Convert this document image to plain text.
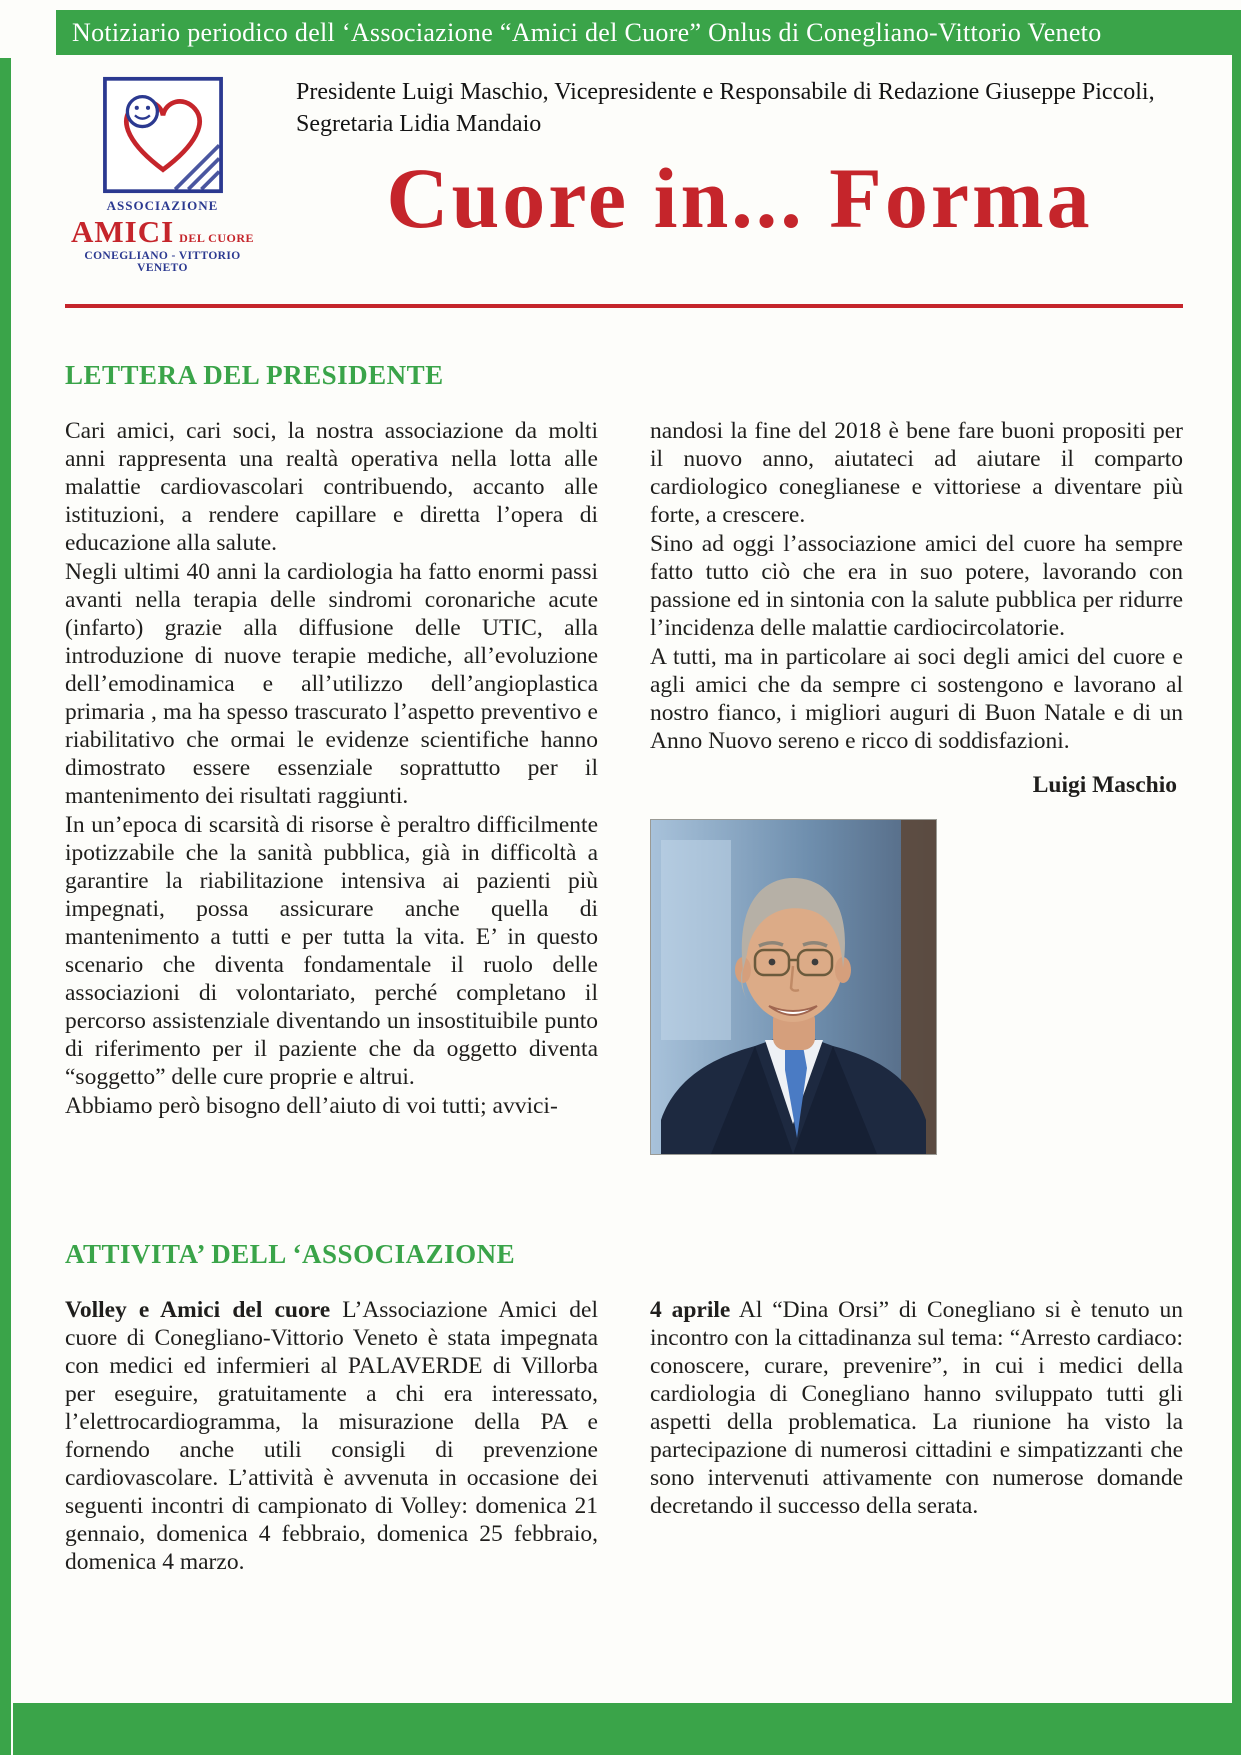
Notiziario periodico dell ‘Associazione “Amici del Cuore” Onlus di Conegliano-Vittorio Veneto
ASSOCIAZIONE
AMICI DEL CUORE
CONEGLIANO - VITTORIO VENETO

Presidente Luigi Maschio, Vicepresidente e Responsabile di Redazione Giuseppe Piccoli, Segretaria Lidia Mandaio

Cuore in... Forma
LETTERA DEL PRESIDENTE

Cari amici, cari soci, la nostra associazione da molti anni rappresenta una realtà operativa nella lotta alle malattie cardiovascolari contribuendo, accanto alle istituzioni, a rendere capillare e diretta l’opera di educazione alla salute.

Negli ultimi 40 anni la cardiologia ha fatto enormi passi avanti nella terapia delle sindromi coronariche acute (infarto) grazie alla diffusione delle UTIC, alla introduzione di nuove terapie mediche, all’evoluzione dell’emodinamica e all’utilizzo dell’angioplastica primaria , ma ha spesso trascurato l’aspetto preventivo e riabilitativo che ormai le evidenze scientifiche hanno dimostrato essere essenziale soprattutto per il mantenimento dei risultati raggiunti.

In un’epoca di scarsità di risorse è peraltro difficilmente ipotizzabile che la sanità pubblica, già in difficoltà a garantire la riabilitazione intensiva ai pazienti più impegnati, possa assicurare anche quella di mantenimento a tutti e per tutta la vita. E’ in questo scenario che diventa fondamentale il ruolo delle associazioni di volontariato, perché completano il percorso assistenziale diventando un insostituibile punto di riferimento per il paziente che da oggetto diventa “soggetto” delle cure proprie e altrui.

Abbiamo però bisogno dell’aiuto di voi tutti; avvici-

nandosi la fine del 2018 è bene fare buoni propositi per il nuovo anno, aiutateci ad aiutare il comparto cardiologico coneglianese e vittoriese a diventare più forte, a crescere.

Sino ad oggi l’associazione amici del cuore ha sempre fatto tutto ciò che era in suo potere, lavorando con passione ed in sintonia con la salute pubblica per ridurre l’incidenza delle malattie cardiocircolatorie.

A tutti, ma in particolare ai soci degli amici del cuore e agli amici che da sempre ci sostengono e lavorano al nostro fianco, i migliori auguri di Buon Natale e di un Anno Nuovo sereno e ricco di soddisfazioni.

Luigi Maschio

ATTIVITA’ DELL ‘ASSOCIAZIONE

Volley e Amici del cuore L’Associazione Amici del cuore di Conegliano-Vittorio Veneto è stata impegnata con medici ed infermieri al PALAVERDE di Villorba per eseguire, gratuitamente a chi era interessato, l’elettrocardiogramma, la misurazione della PA e fornendo anche utili consigli di prevenzione cardiovascolare. L’attività è avvenuta in occasione dei seguenti incontri di campionato di Volley: domenica 21 gennaio, domenica 4 febbraio, domenica 25 febbraio, domenica 4 marzo.

4 aprile Al “Dina Orsi” di Conegliano si è tenuto un incontro con la cittadinanza sul tema: “Arresto cardiaco: conoscere, curare, prevenire”, in cui i medici della cardiologia di Conegliano hanno sviluppato tutti gli aspetti della problematica. La riunione ha visto la partecipazione di numerosi cittadini e simpatizzanti che sono intervenuti attivamente con numerose domande decretando il successo della serata.
